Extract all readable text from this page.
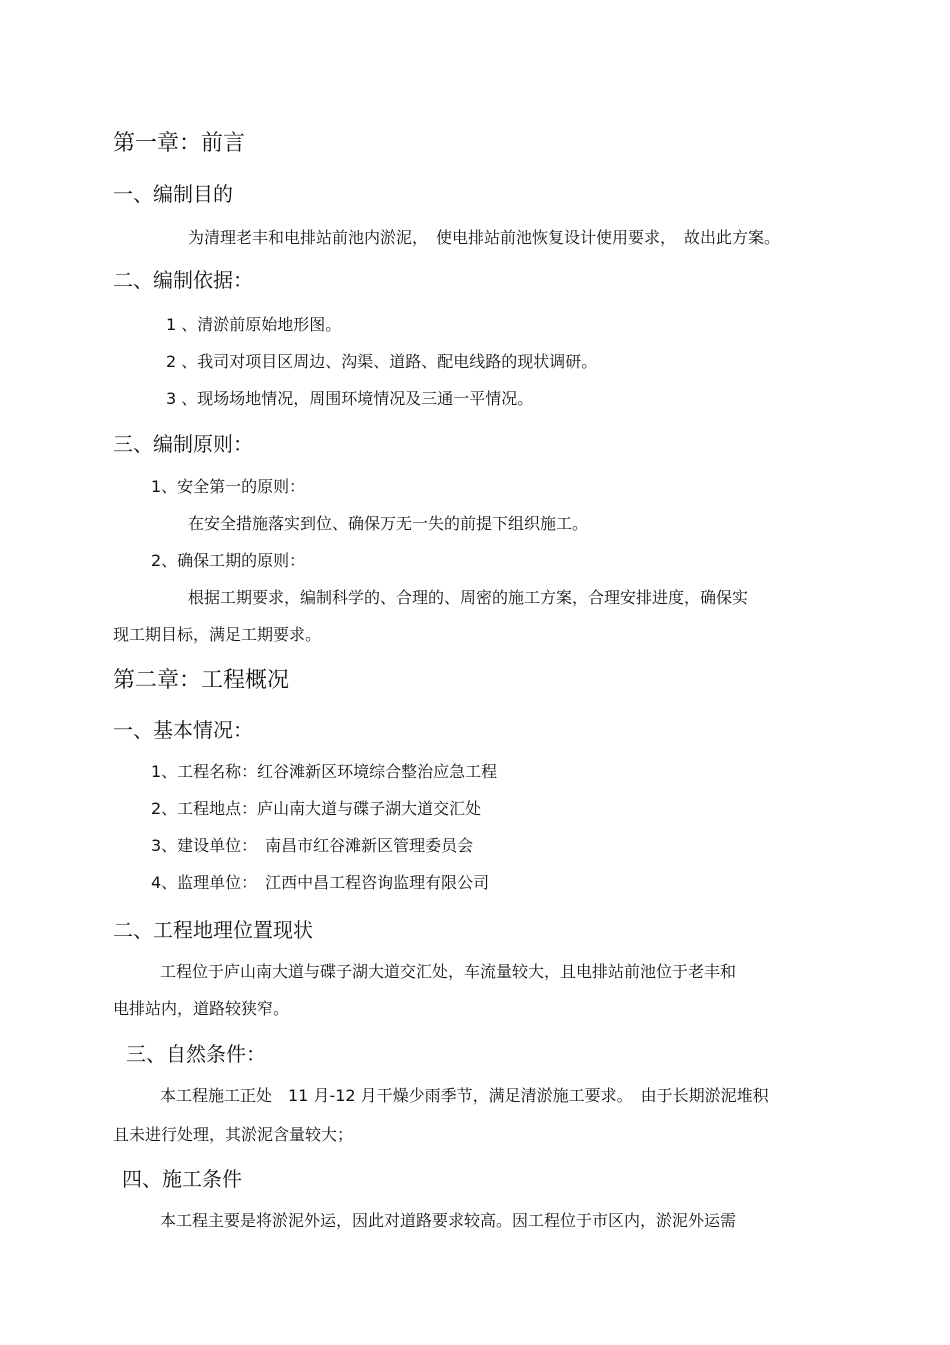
第一章：前言
一、编制目的
为清理老丰和电排站前池内淤泥，　使电排站前池恢复设计使用要求，　故出此方案。
二、编制依据：
1 、清淤前原始地形图。
2 、我司对项目区周边、沟渠、道路、配电线路的现状调研。
3 、现场场地情况，周围环境情况及三通一平情况。
三、编制原则：
1、安全第一的原则：
在安全措施落实到位、确保万无一失的前提下组织施工。
2、确保工期的原则：
根据工期要求，编制科学的、合理的、周密的施工方案，合理安排进度，确保实
现工期目标，满足工期要求。
第二章：工程概况
一、基本情况：
1、工程名称：红谷滩新区环境综合整治应急工程
2、工程地点：庐山南大道与碟子湖大道交汇处
3、建设单位：　南昌市红谷滩新区管理委员会
4、监理单位：　江西中昌工程咨询监理有限公司
二、工程地理位置现状
工程位于庐山南大道与碟子湖大道交汇处，车流量较大，且电排站前池位于老丰和
电排站内，道路较狭窄。
三、自然条件：
本工程施工正处　11 月-12 月干燥少雨季节，满足清淤施工要求。　由于长期淤泥堆积
且未进行处理，其淤泥含量较大；
四、施工条件
本工程主要是将淤泥外运，因此对道路要求较高。因工程位于市区内，淤泥外运需
